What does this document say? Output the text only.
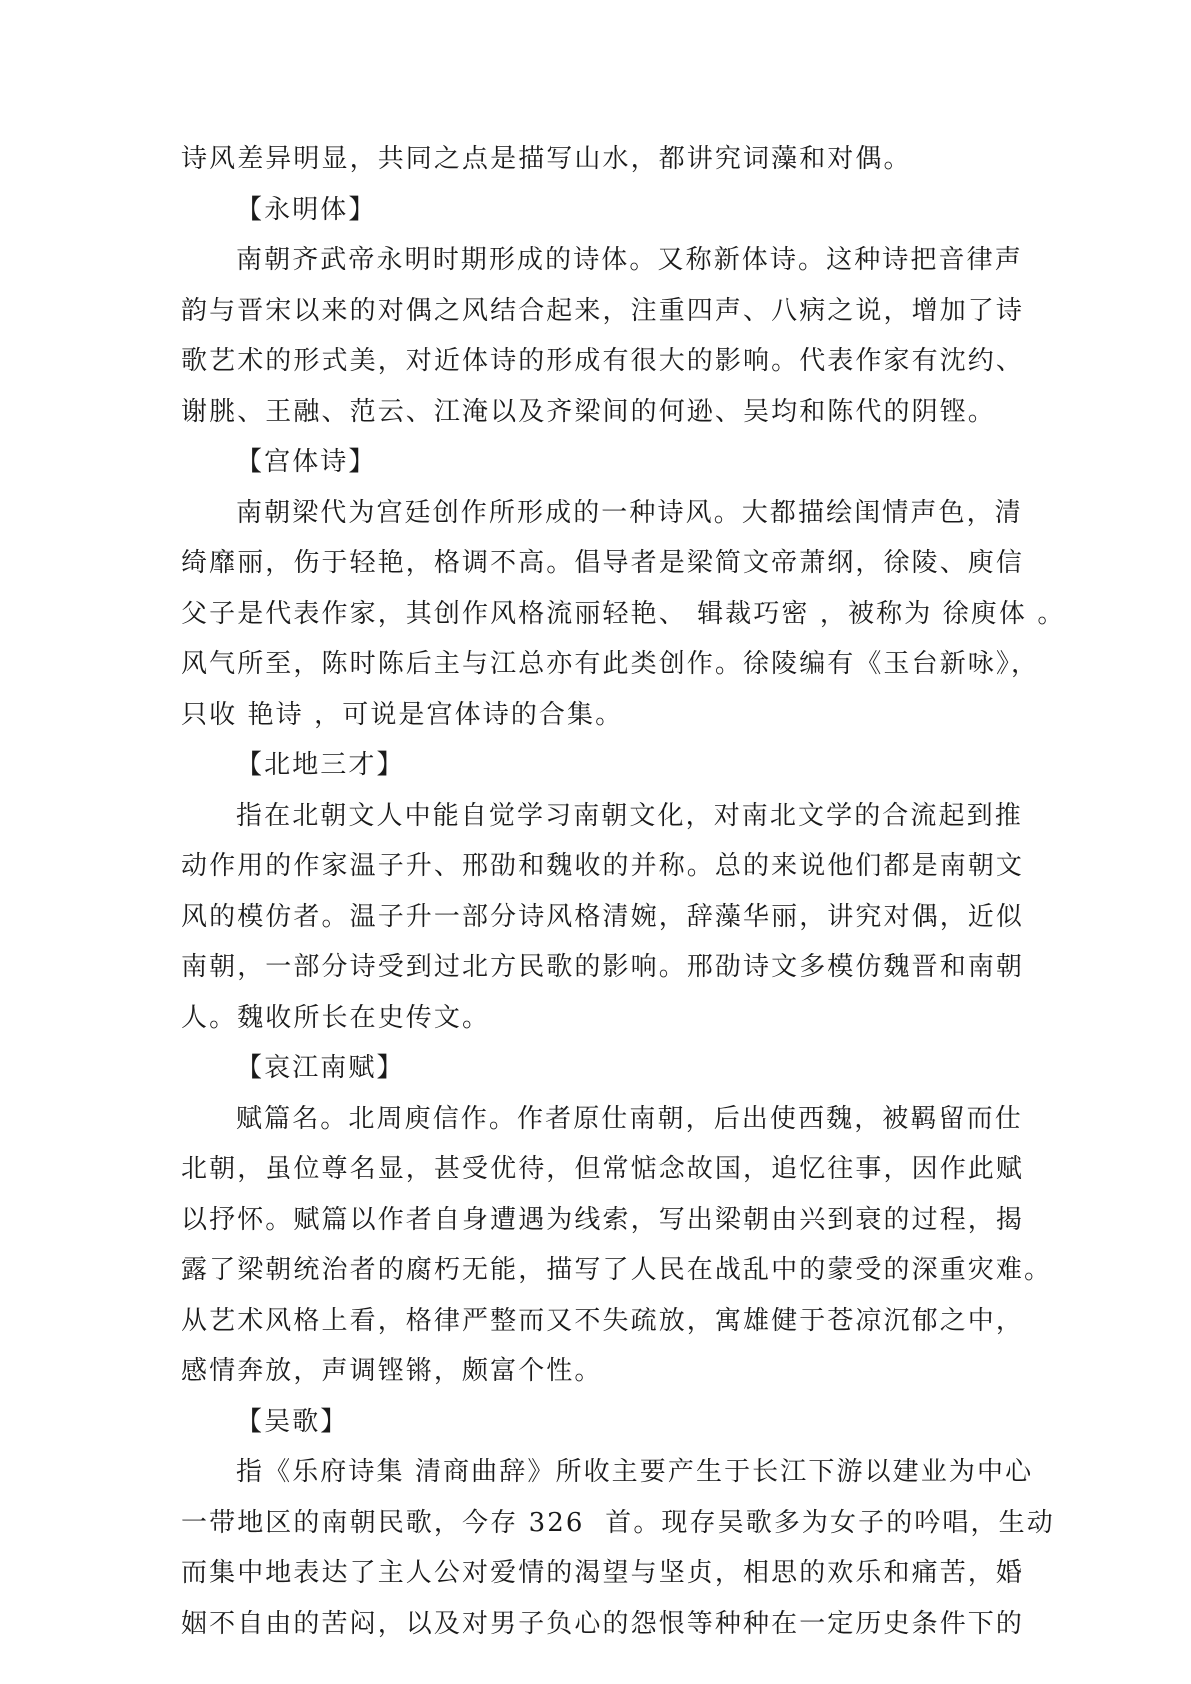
诗风差异明显，共同之点是描写山水，都讲究词藻和对偶。
【永明体】
南朝齐武帝永明时期形成的诗体。又称新体诗。这种诗把音律声
韵与晋宋以来的对偶之风结合起来，注重四声、八病之说，增加了诗
歌艺术的形式美，对近体诗的形成有很大的影响。代表作家有沈约、
谢朓、王融、范云、江淹以及齐梁间的何逊、吴均和陈代的阴铿。
【宫体诗】
南朝梁代为宫廷创作所形成的一种诗风。大都描绘闺情声色，清
绮靡丽，伤于轻艳，格调不高。倡导者是梁简文帝萧纲，徐陵、庾信
父子是代表作家，其创作风格流丽轻艳、 辑裁巧密 ，被称为 徐庾体 。
风气所至，陈时陈后主与江总亦有此类创作。徐陵编有《玉台新咏》，
只收 艳诗 ，可说是宫体诗的合集。
【北地三才】
指在北朝文人中能自觉学习南朝文化，对南北文学的合流起到推
动作用的作家温子升、邢劭和魏收的并称。总的来说他们都是南朝文
风的模仿者。温子升一部分诗风格清婉，辞藻华丽，讲究对偶，近似
南朝，一部分诗受到过北方民歌的影响。邢劭诗文多模仿魏晋和南朝
人。魏收所长在史传文。
【哀江南赋】
赋篇名。北周庾信作。作者原仕南朝，后出使西魏，被羁留而仕
北朝，虽位尊名显，甚受优待，但常惦念故国，追忆往事，因作此赋
以抒怀。赋篇以作者自身遭遇为线索，写出梁朝由兴到衰的过程，揭
露了梁朝统治者的腐朽无能，描写了人民在战乱中的蒙受的深重灾难。
从艺术风格上看，格律严整而又不失疏放，寓雄健于苍凉沉郁之中，
感情奔放，声调铿锵，颇富个性。
【吴歌】
指《乐府诗集 清商曲辞》所收主要产生于长江下游以建业为中心
一带地区的南朝民歌，今存 326  首。现存吴歌多为女子的吟唱，生动
而集中地表达了主人公对爱情的渴望与坚贞，相思的欢乐和痛苦，婚
姻不自由的苦闷，以及对男子负心的怨恨等种种在一定历史条件下的
